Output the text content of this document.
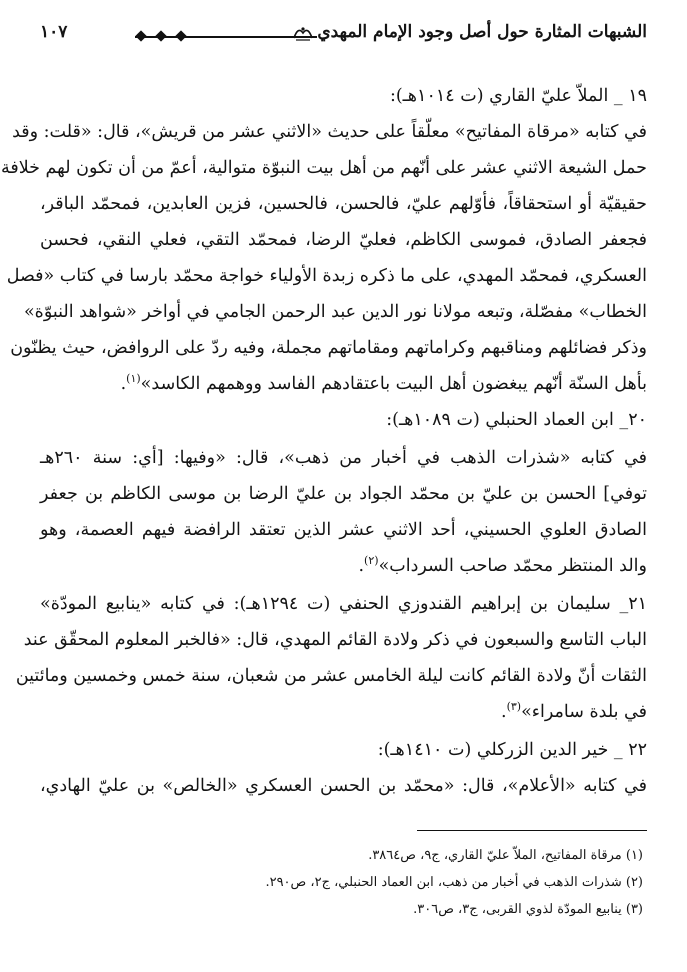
الشبهات المثارة حول أصل وجود الإمام المهدي
١٠٧
١٩ _ الملاّ عليّ القاري (ت ١٠١٤هـ):
في كتابه «مرقاة المفاتيح» معلّقاً على حديث «الاثني عشر من قريش»، قال: «قلت: وقد
حمل الشيعة الاثني عشر على أنّهم من أهل بيت النبوّة متوالية، أعمّ من أن تكون لهم خلافة
حقيقيّة أو استحقاقاً، فأوّلهم عليّ، فالحسن، فالحسين، فزين العابدين، فمحمّد الباقر،
فجعفر الصادق، فموسى الكاظم، فعليّ الرضا، فمحمّد التقي، فعلي النقي، فحسن
العسكري، فمحمّد المهدي، على ما ذكره زبدة الأولياء خواجة محمّد بارسا في كتاب «فصل
الخطاب» مفصّلة، وتبعه مولانا نور الدين عبد الرحمن الجامي في أواخر «شواهد النبوّة»
وذكر فضائلهم ومناقبهم وكراماتهم ومقاماتهم مجملة، وفيه ردّ على الروافض، حيث يظنّون
بأهل السنّة أنّهم يبغضون أهل البيت باعتقادهم الفاسد ووهمهم الكاسد»$^{(١)}$.
٢٠_ ابن العماد الحنبلي (ت ١٠٨٩هـ):
في كتابه «شذرات الذهب في أخبار من ذهب»، قال: «وفيها: [أي: سنة ٢٦٠هـ
توفي] الحسن بن عليّ بن محمّد الجواد بن عليّ الرضا بن موسى الكاظم بن جعفر
الصادق العلوي الحسيني، أحد الاثني عشر الذين تعتقد الرافضة فيهم العصمة، وهو
والد المنتظر محمّد صاحب السرداب»$^{(٢)}$.
٢١_ سليمان بن إبراهيم القندوزي الحنفي (ت ١٢٩٤هـ): في كتابه «ينابيع المودّة»
الباب التاسع والسبعون في ذكر ولادة القائم المهدي، قال: «فالخبر المعلوم المحقّق عند
الثقات أنّ ولادة القائم كانت ليلة الخامس عشر من شعبان، سنة خمس وخمسين ومائتين
في بلدة سامراء»$^{(٣)}$.
٢٢ _ خير الدين الزركلي (ت ١٤١٠هـ):
في كتابه «الأعلام»، قال: «محمّد بن الحسن العسكري «الخالص» بن عليّ الهادي،
(١) مرقاة المفاتيح، الملاّ عليّ القاري، ج٩، ص٣٨٦٤.
(٢) شذرات الذهب في أخبار من ذهب، ابن العماد الحنبلي، ج٢، ص٢٩٠.
(٣) ينابيع المودّة لذوي القربى، ج٣، ص٣٠٦.
